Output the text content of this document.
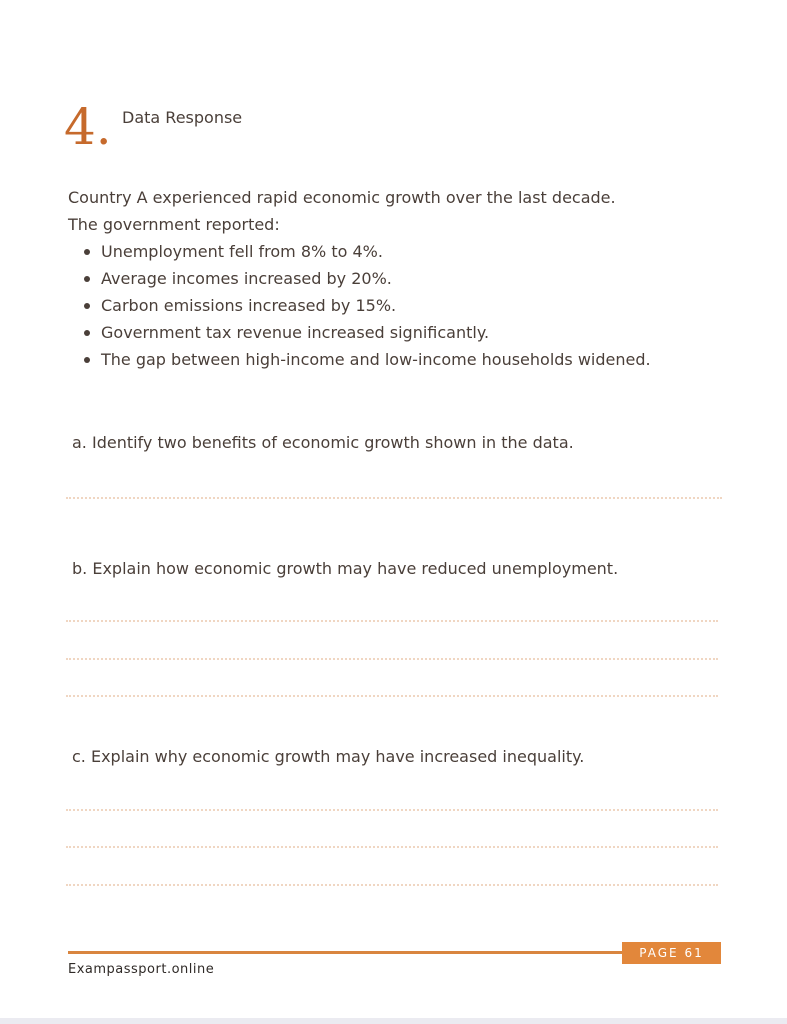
4. Data Response

Country A experienced rapid economic growth over the last decade.

The government reported:

Unemployment fell from 8% to 4%.
Average incomes increased by 20%.
Carbon emissions increased by 15%.
Government tax revenue increased significantly.
The gap between high-income and low-income households widened.
a. Identify two benefits of economic growth shown in the data.
b. Explain how economic growth may have reduced unemployment.
c. Explain why economic growth may have increased inequality.
PAGE 61
Exampassport.online
